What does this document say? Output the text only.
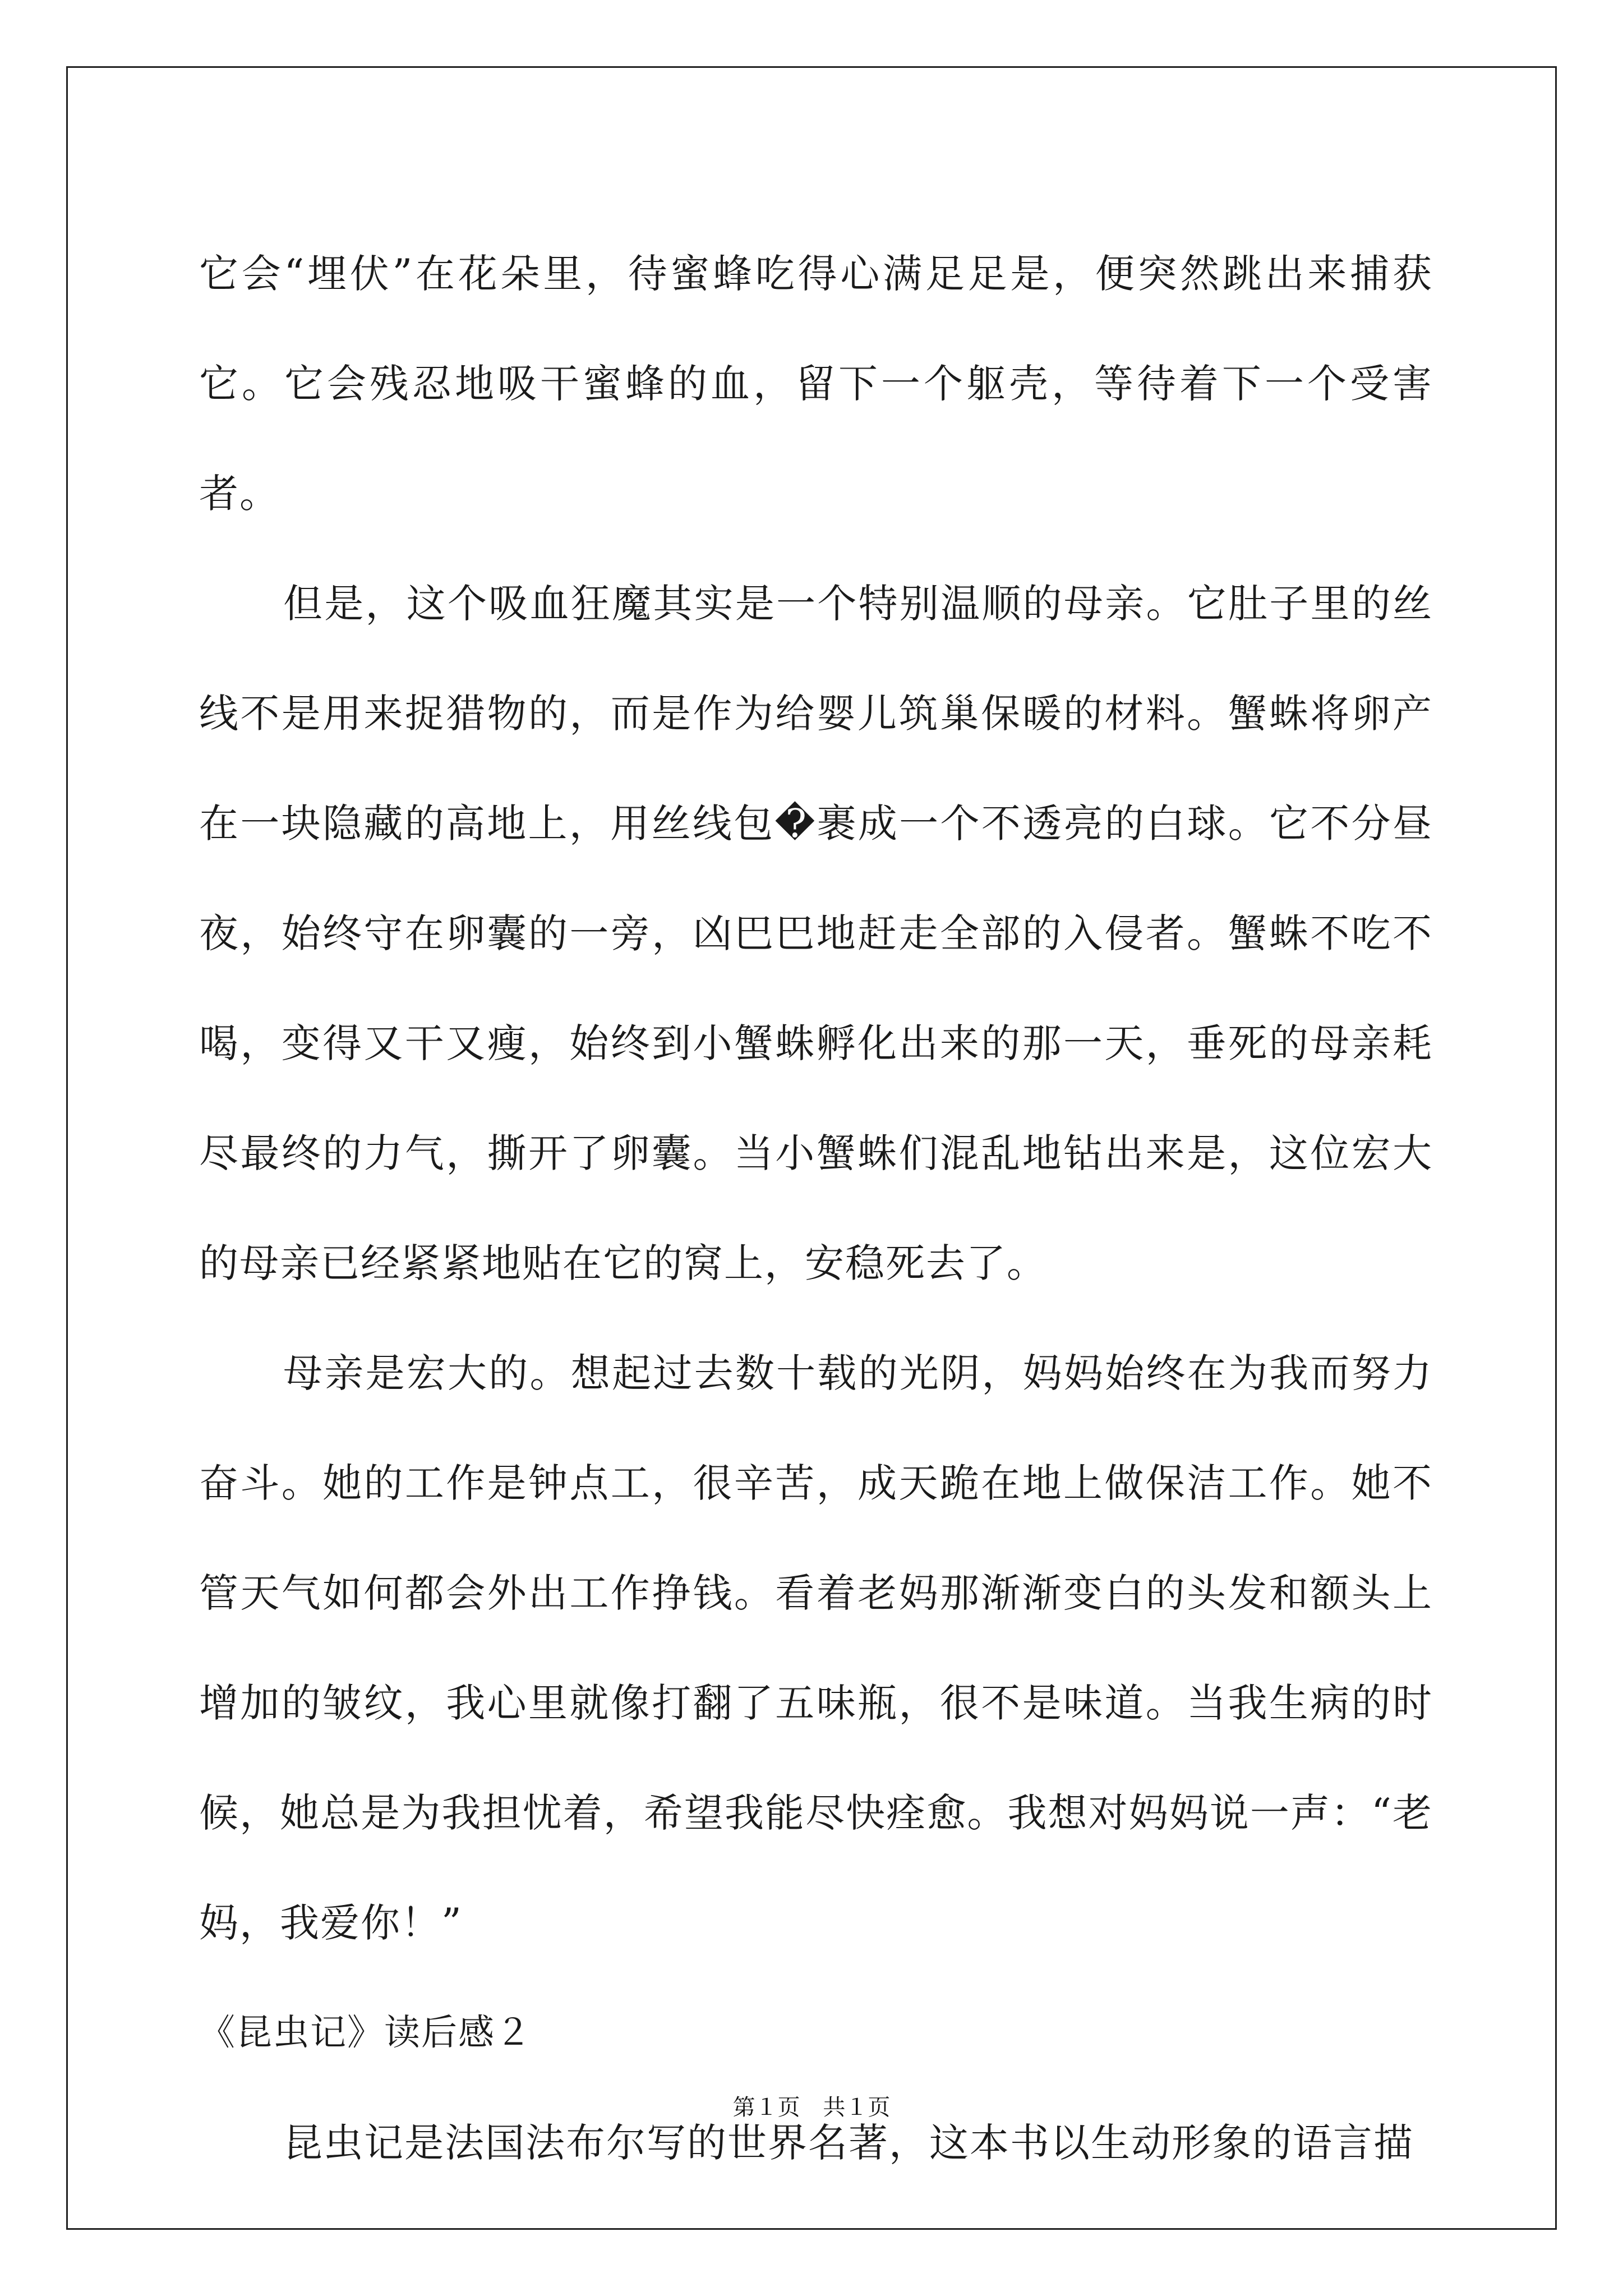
它会“埋伏”在花朵里，待蜜蜂吃得心满足足是，便突然跳出来捕获它。它会残忍地吸干蜜蜂的血，留下一个躯壳，等待着下一个受害者。

但是，这个吸血狂魔其实是一个特别温顺的母亲。它肚子里的丝线不是用来捉猎物的，而是作为给婴儿筑巢保暖的材料。蟹蛛将卵产在一块隐藏的高地上，用丝线包�裹成一个不透亮的白球。它不分昼夜，始终守在卵囊的一旁，凶巴巴地赶走全部的入侵者。蟹蛛不吃不喝，变得又干又瘦，始终到小蟹蛛孵化出来的那一天，垂死的母亲耗尽最终的力气，撕开了卵囊。当小蟹蛛们混乱地钻出来是，这位宏大的母亲已经紧紧地贴在它的窝上，安稳死去了。

母亲是宏大的。想起过去数十载的光阴，妈妈始终在为我而努力奋斗。她的工作是钟点工，很辛苦，成天跪在地上做保洁工作。她不管天气如何都会外出工作挣钱。看着老妈那渐渐变白的头发和额头上增加的皱纹，我心里就像打翻了五味瓶，很不是味道。当我生病的时候，她总是为我担忧着，希望我能尽快痊愈。我想对妈妈说一声：“老妈，我爱你！”

《昆虫记》读后感２

昆虫记是法国法布尔写的世界名著，这本书以生动形象的语言描

第１页 共１页
